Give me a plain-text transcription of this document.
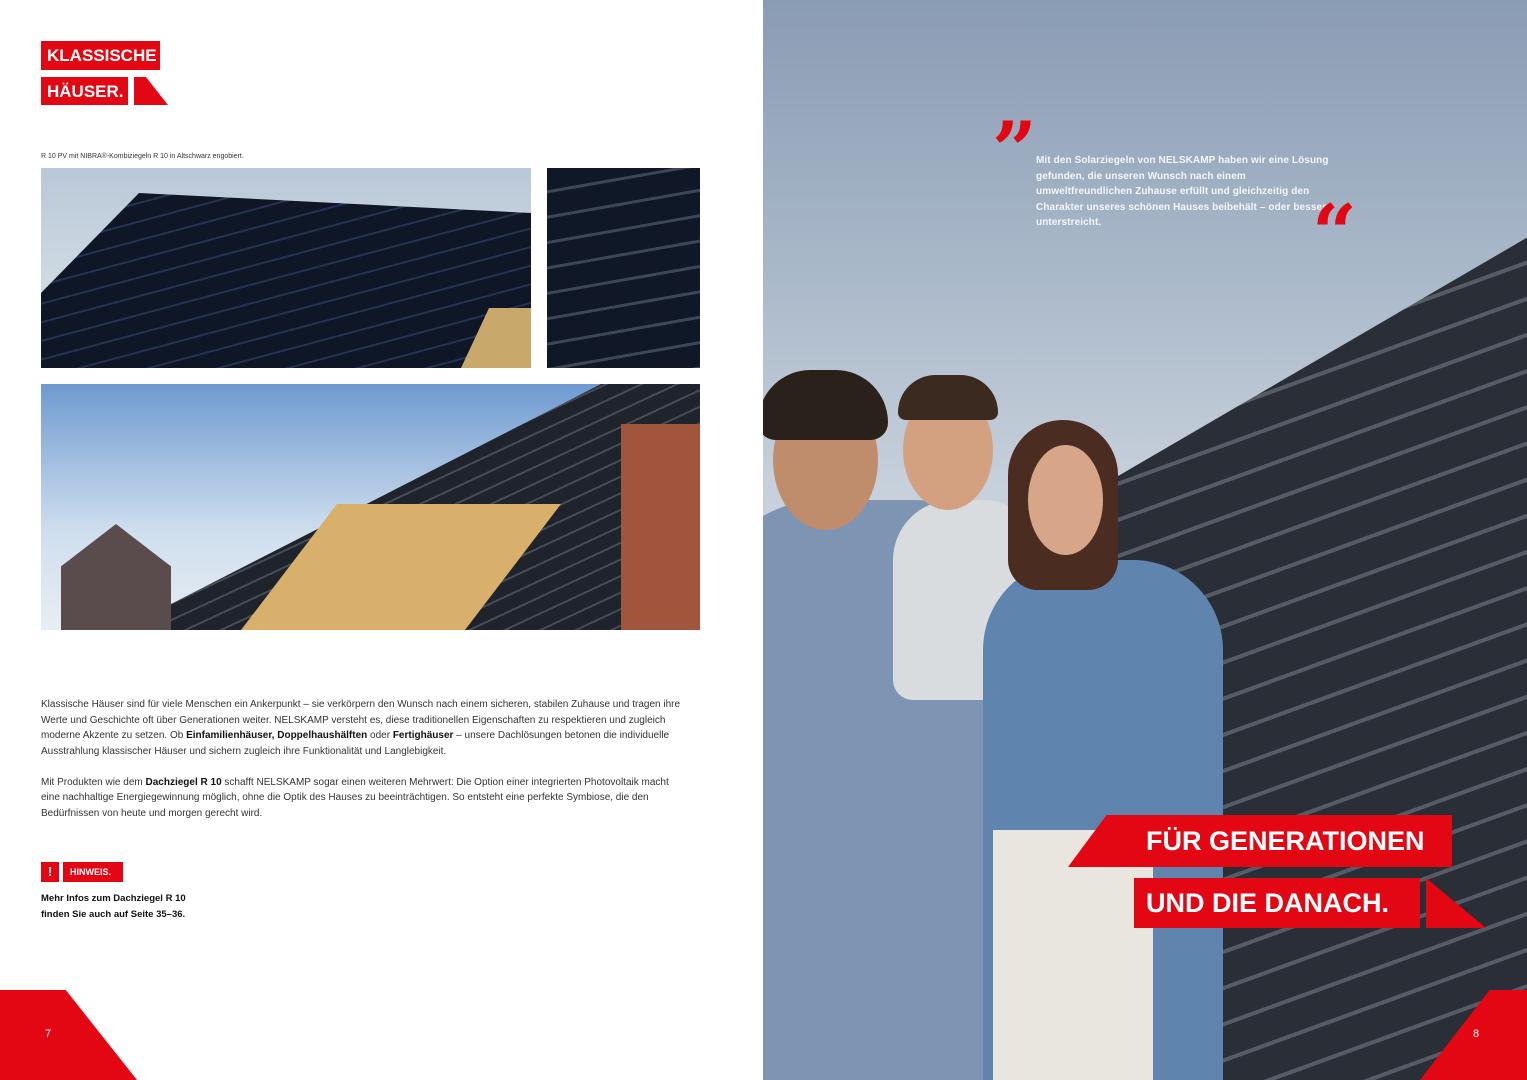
KLASSISCHE
HÄUSER.
R 10 PV mit NIBRA®-Kombiziegeln R 10 in Altschwarz engobiert.

Klassische Häuser sind für viele Menschen ein Ankerpunkt – sie verkörpern den Wunsch nach einem sicheren, stabilen Zuhause und tragen ihre Werte und Geschichte oft über Generationen weiter. NELSKAMP versteht es, diese traditionellen Eigenschaften zu respektieren und zugleich moderne Akzente zu setzen. Ob Einfamilienhäuser, Doppelhaushälften oder Fertighäuser – unsere Dachlösungen betonen die individuelle Ausstrahlung klassischer Häuser und sichern zugleich ihre Funktionalität und Langlebigkeit.

Mit Produkten wie dem Dachziegel R 10 schafft NELSKAMP sogar einen weiteren Mehrwert: Die Option einer integrierten Photovoltaik macht eine nachhaltige Energiegewinnung möglich, ohne die Optik des Hauses zu beeinträchtigen. So entsteht eine perfekte Symbiose, die den Bedürfnissen von heute und morgen gerecht wird.

!	HINWEIS.
Mehr Infos zum Dachziegel R 10
finden Sie auch auf Seite 35–36.
7
” Mit den Solarziegeln von NELSKAMP haben wir eine Lösung gefunden, die unseren Wunsch nach einem umweltfreundlichen Zuhause erfüllt und gleichzeitig den Charakter unseres schönen Hauses beibehält – oder besser: unterstreicht.	“
FÜR GENERATIONEN
UND DIE DANACH.
8
